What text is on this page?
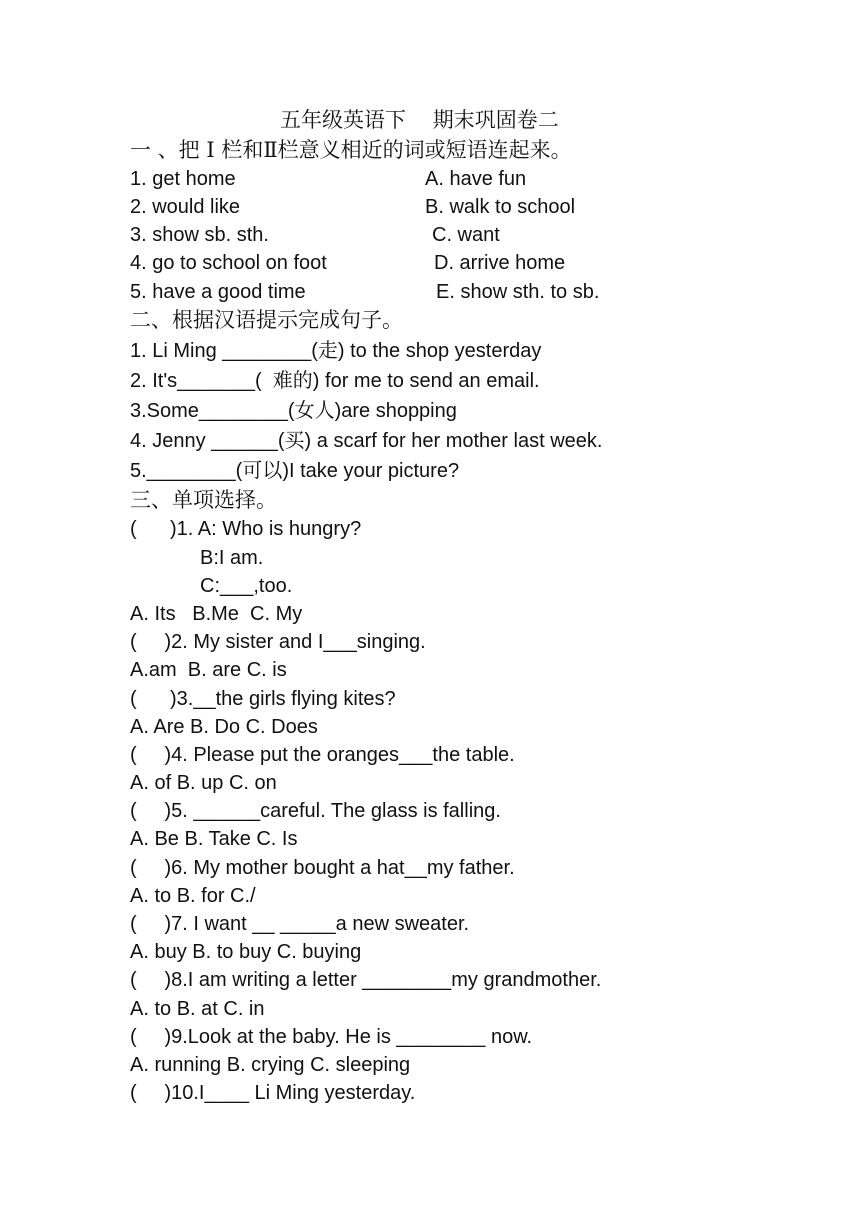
五年级英语下    期末巩固卷二
一 、把 I 栏和Ⅱ栏意义相近的词或短语连起来。
1. get home	A. have fun
2. would like	B. walk to school
3. show sb. sth.	C. want
4. go to school on foot	D. arrive home
5. have a good time	E. show sth. to sb.
二、根据汉语提示完成句子。
1. Li Ming ________(走) to the shop yesterday
2. It's_______(  难的) for me to send an email.
3.Some________(女人)are shopping
4. Jenny ______(买) a scarf for her mother last week.
5.________(可以)I take your picture?
三、单项选择。
(      )1. A: Who is hungry?
B:I am.
C:___,too.
A. Its   B.Me  C. My
(     )2. My sister and I___singing.
A.am  B. are C. is
(      )3.__the girls flying kites?
A. Are B. Do C. Does
(     )4. Please put the oranges___the table.
A. of B. up C. on
(     )5. ______careful. The glass is falling.
A. Be B. Take C. Is
(     )6. My mother bought a hat__my father.
A. to B. for C./
(     )7. I want __ _____a new sweater.
A. buy B. to buy C. buying
(     )8.I am writing a letter ________my grandmother.
A. to B. at C. in
(     )9.Look at the baby. He is ________ now.
A. running B. crying C. sleeping
(     )10.I____ Li Ming yesterday.
